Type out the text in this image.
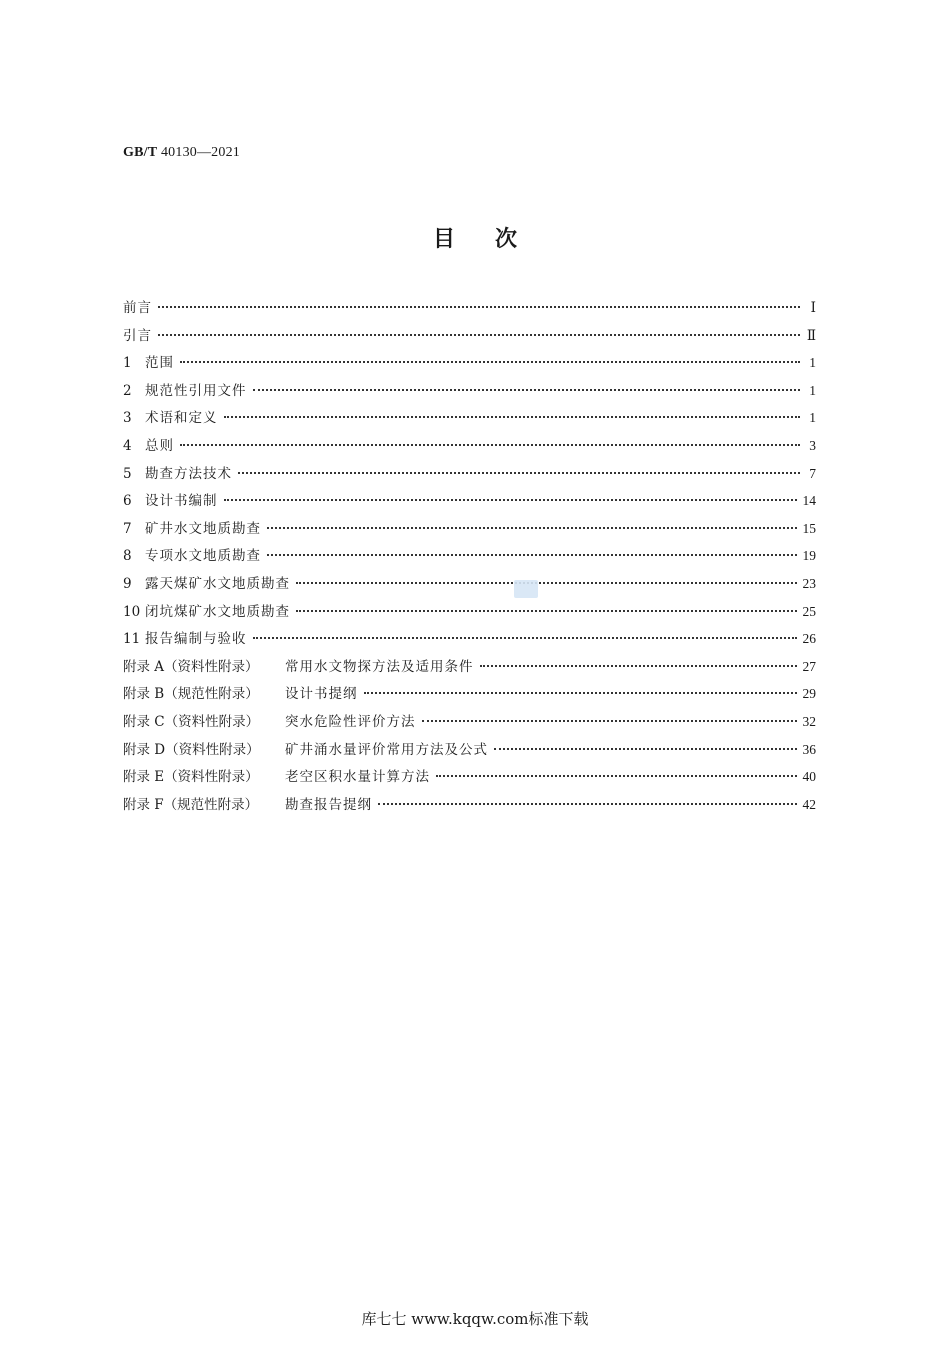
GB/T 40130—2021
目次
前言	Ⅰ
引言	Ⅱ
1 范围	1
2 规范性引用文件	1
3 术语和定义	1
4 总则	3
5 勘查方法技术	7
6 设计书编制	14
7 矿井水文地质勘查	15
8 专项水文地质勘查	19
9 露天煤矿水文地质勘查	23
10 闭坑煤矿水文地质勘查	25
11 报告编制与验收	26
附录 A（资料性附录） 常用水文物探方法及适用条件	27
附录 B（规范性附录） 设计书提纲	29
附录 C（资料性附录） 突水危险性评价方法	32
附录 D（资料性附录） 矿井涌水量评价常用方法及公式	36
附录 E（资料性附录） 老空区积水量计算方法	40
附录 F（规范性附录） 勘查报告提纲	42
库七七 www.kqqw.com标准下载
